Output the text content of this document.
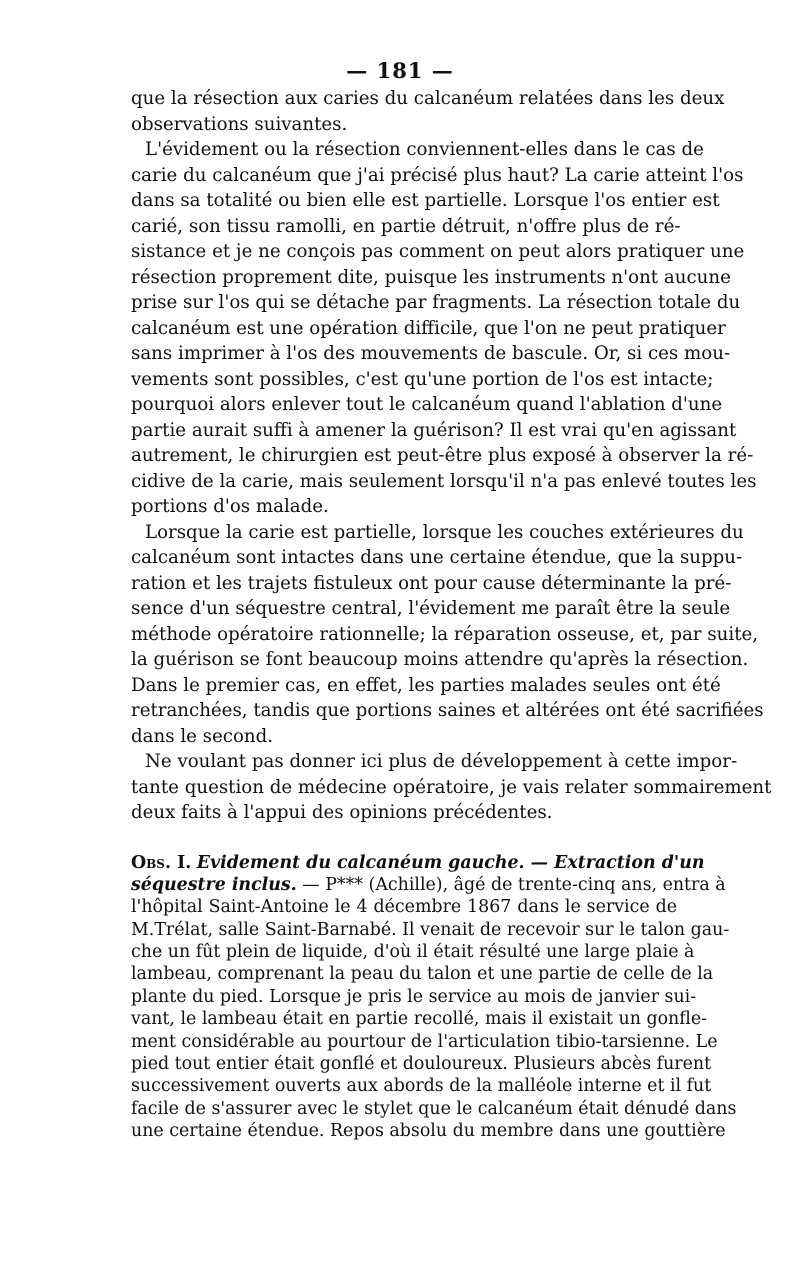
— 181 —
que la résection aux caries du calcanéum relatées dans les deux
observations suivantes.
L'évidement ou la résection conviennent-elles dans le cas de
carie du calcanéum que j'ai précisé plus haut? La carie atteint l'os
dans sa totalité ou bien elle est partielle. Lorsque l'os entier est
carié, son tissu ramolli, en partie détruit, n'offre plus de ré-
sistance et je ne conçois pas comment on peut alors pratiquer une
résection proprement dite, puisque les instruments n'ont aucune
prise sur l'os qui se détache par fragments. La résection totale du
calcanéum est une opération difficile, que l'on ne peut pratiquer
sans imprimer à l'os des mouvements de bascule. Or, si ces mou-
vements sont possibles, c'est qu'une portion de l'os est intacte;
pourquoi alors enlever tout le calcanéum quand l'ablation d'une
partie aurait suffi à amener la guérison? Il est vrai qu'en agissant
autrement, le chirurgien est peut-être plus exposé à observer la ré-
cidive de la carie, mais seulement lorsqu'il n'a pas enlevé toutes les
portions d'os malade.
Lorsque la carie est partielle, lorsque les couches extérieures du
calcanéum sont intactes dans une certaine étendue, que la suppu-
ration et les trajets fistuleux ont pour cause déterminante la pré-
sence d'un séquestre central, l'évidement me paraît être la seule
méthode opératoire rationnelle; la réparation osseuse, et, par suite,
la guérison se font beaucoup moins attendre qu'après la résection.
Dans le premier cas, en effet, les parties malades seules ont été
retranchées, tandis que portions saines et altérées ont été sacrifiées
dans le second.
Ne voulant pas donner ici plus de développement à cette impor-
tante question de médecine opératoire, je vais relater sommairement
deux faits à l'appui des opinions précédentes.
Obs. I. Evidement du calcanéum gauche. — Extraction d'un
séquestre inclus. — P*** (Achille), âgé de trente-cinq ans, entra à
l'hôpital Saint-Antoine le 4 décembre 1867 dans le service de
M.Trélat, salle Saint-Barnabé. Il venait de recevoir sur le talon gau-
che un fût plein de liquide, d'où il était résulté une large plaie à
lambeau, comprenant la peau du talon et une partie de celle de la
plante du pied. Lorsque je pris le service au mois de janvier sui-
vant, le lambeau était en partie recollé, mais il existait un gonfle-
ment considérable au pourtour de l'articulation tibio-tarsienne. Le
pied tout entier était gonflé et douloureux. Plusieurs abcès furent
successivement ouverts aux abords de la malléole interne et il fut
facile de s'assurer avec le stylet que le calcanéum était dénudé dans
une certaine étendue. Repos absolu du membre dans une gouttière
